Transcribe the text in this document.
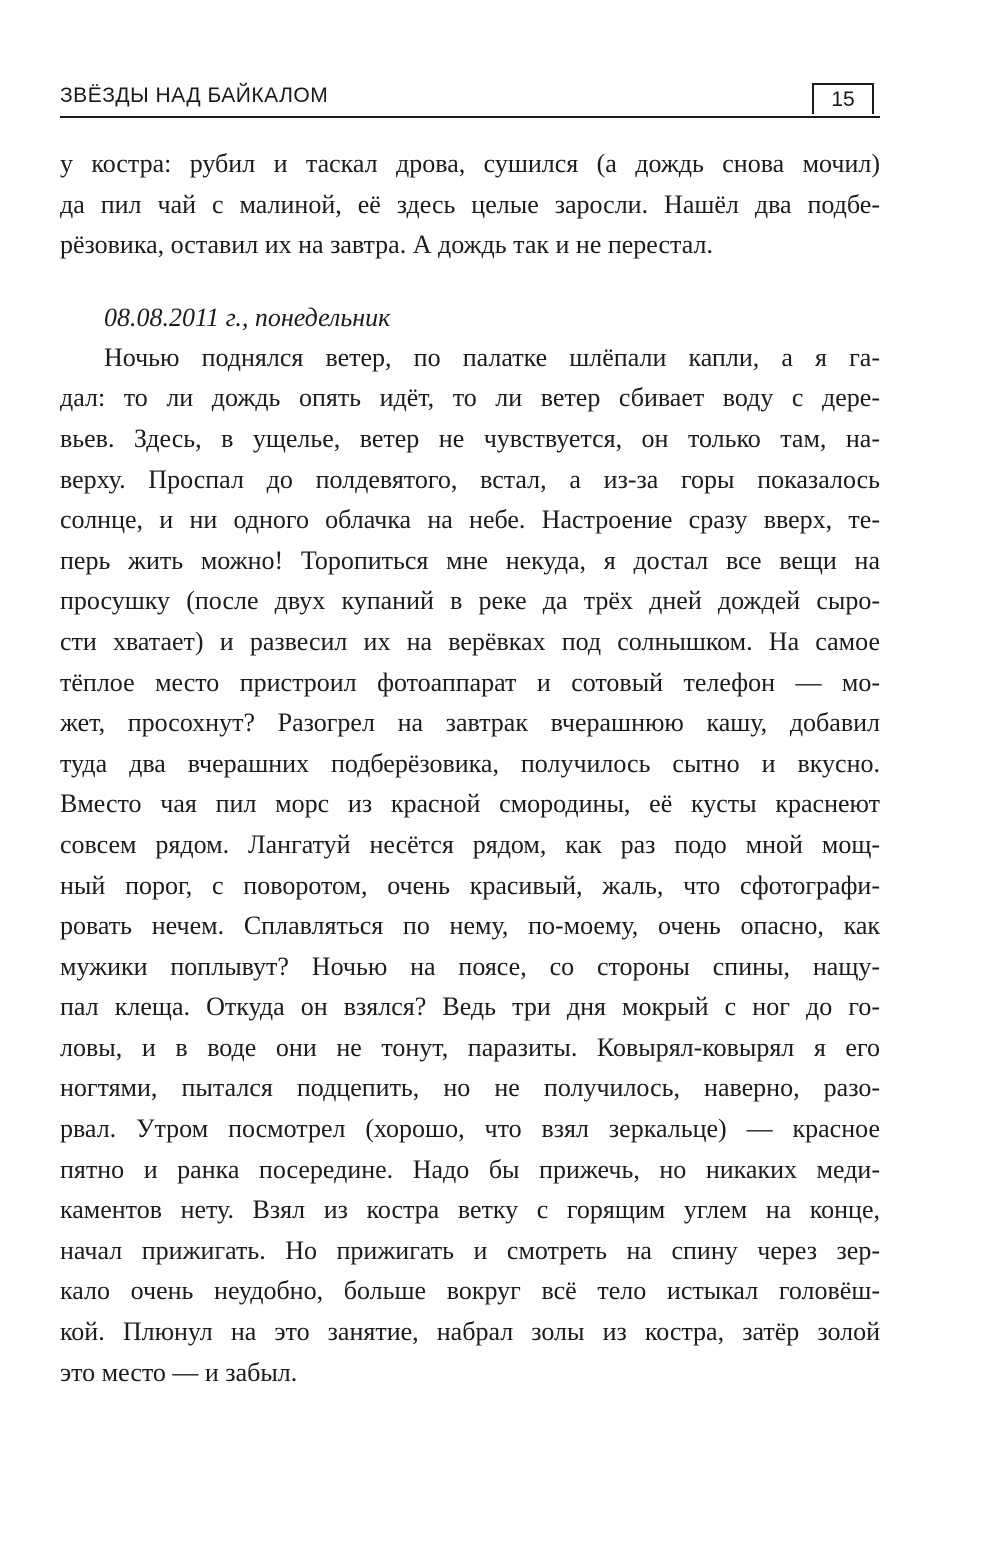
ЗВЁЗДЫ НАД БАЙКАЛОМ	15
у костра: рубил и таскал дрова, сушился (а дождь снова мочил)
да пил чай с малиной, её здесь целые заросли. Нашёл два подбе-
рёзовика, оставил их на завтра. А дождь так и не перестал.
08.08.2011 г., понедельник
Ночью поднялся ветер, по палатке шлёпали капли, а я га-
дал: то ли дождь опять идёт, то ли ветер сбивает воду с дере-
вьев. Здесь, в ущелье, ветер не чувствуется, он только там, на-
верху. Проспал до полдевятого, встал, а из-за горы показалось
солнце, и ни одного облачка на небе. Настроение сразу вверх, те-
перь жить можно! Торопиться мне некуда, я достал все вещи на
просушку (после двух купаний в реке да трёх дней дождей сыро-
сти хватает) и развесил их на верёвках под солнышком. На самое
тёплое место пристроил фотоаппарат и сотовый телефон — мо-
жет, просохнут? Разогрел на завтрак вчерашнюю кашу, добавил
туда два вчерашних подберёзовика, получилось сытно и вкусно.
Вместо чая пил морс из красной смородины, её кусты краснеют
совсем рядом. Лангатуй несётся рядом, как раз подо мной мощ-
ный порог, с поворотом, очень красивый, жаль, что сфотографи-
ровать нечем. Сплавляться по нему, по-моему, очень опасно, как
мужики поплывут? Ночью на поясе, со стороны спины, нащу-
пал клеща. Откуда он взялся? Ведь три дня мокрый с ног до го-
ловы, и в воде они не тонут, паразиты. Ковырял-ковырял я его
ногтями, пытался подцепить, но не получилось, наверно, разо-
рвал. Утром посмотрел (хорошо, что взял зеркальце) — красное
пятно и ранка посередине. Надо бы прижечь, но никаких меди-
каментов нету. Взял из костра ветку с горящим углем на конце,
начал прижигать. Но прижигать и смотреть на спину через зер-
кало очень неудобно, больше вокруг всё тело истыкал головёш-
кой. Плюнул на это занятие, набрал золы из костра, затёр золой
это место — и забыл.
